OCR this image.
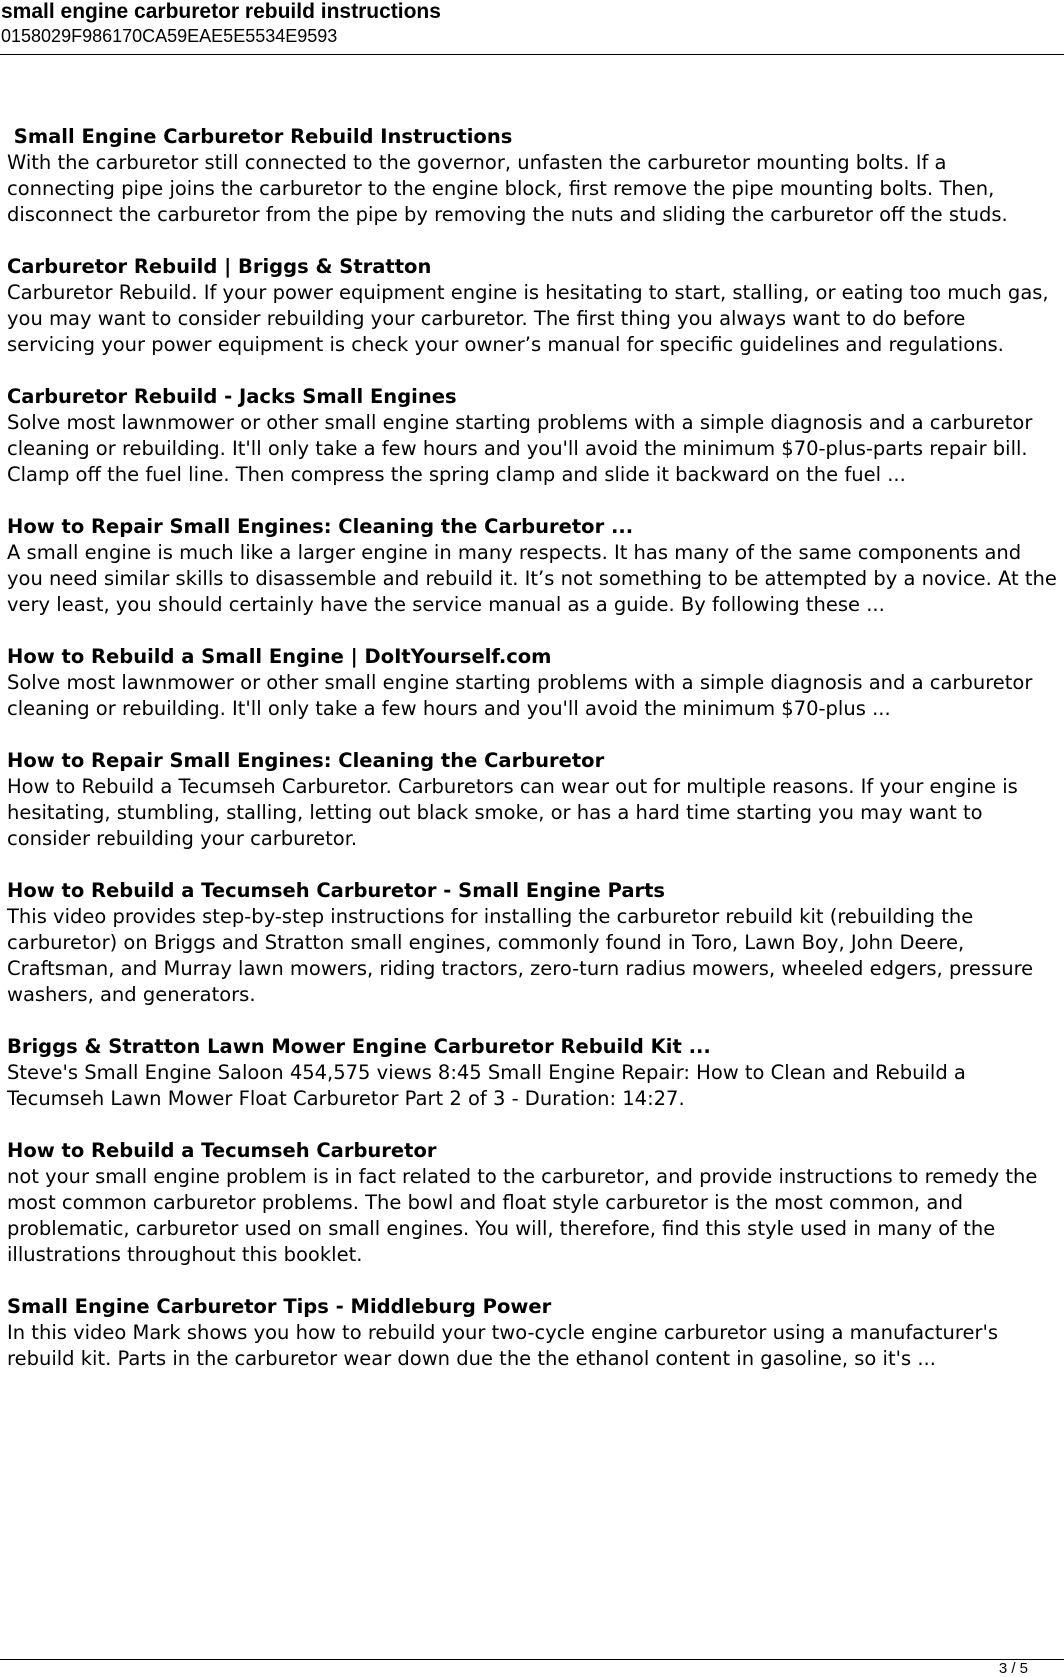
small engine carburetor rebuild instructions
0158029F986170CA59EAE5E5534E9593
Small Engine Carburetor Rebuild Instructions

With the carburetor still connected to the governor, unfasten the carburetor mounting bolts. If a connecting pipe joins the carburetor to the engine block, first remove the pipe mounting bolts. Then, disconnect the carburetor from the pipe by removing the nuts and sliding the carburetor off the studs.

Carburetor Rebuild | Briggs & Stratton

Carburetor Rebuild. If your power equipment engine is hesitating to start, stalling, or eating too much gas, you may want to consider rebuilding your carburetor. The first thing you always want to do before servicing your power equipment is check your owner’s manual for specific guidelines and regulations.

Carburetor Rebuild - Jacks Small Engines

Solve most lawnmower or other small engine starting problems with a simple diagnosis and a carburetor cleaning or rebuilding. It'll only take a few hours and you'll avoid the minimum $70-plus-parts repair bill. Clamp off the fuel line. Then compress the spring clamp and slide it backward on the fuel ...

How to Repair Small Engines: Cleaning the Carburetor ...

A small engine is much like a larger engine in many respects. It has many of the same components and you need similar skills to disassemble and rebuild it. It’s not something to be attempted by a novice. At the very least, you should certainly have the service manual as a guide. By following these ...

How to Rebuild a Small Engine | DoItYourself.com

Solve most lawnmower or other small engine starting problems with a simple diagnosis and a carburetor cleaning or rebuilding. It'll only take a few hours and you'll avoid the minimum $70-plus ...

How to Repair Small Engines: Cleaning the Carburetor

How to Rebuild a Tecumseh Carburetor. Carburetors can wear out for multiple reasons. If your engine is hesitating, stumbling, stalling, letting out black smoke, or has a hard time starting you may want to consider rebuilding your carburetor.

How to Rebuild a Tecumseh Carburetor - Small Engine Parts

This video provides step-by-step instructions for installing the carburetor rebuild kit (rebuilding the carburetor) on Briggs and Stratton small engines, commonly found in Toro, Lawn Boy, John Deere, Craftsman, and Murray lawn mowers, riding tractors, zero-turn radius mowers, wheeled edgers, pressure washers, and generators.

Briggs & Stratton Lawn Mower Engine Carburetor Rebuild Kit ...

Steve's Small Engine Saloon 454,575 views 8:45 Small Engine Repair: How to Clean and Rebuild a Tecumseh Lawn Mower Float Carburetor Part 2 of 3 - Duration: 14:27.

How to Rebuild a Tecumseh Carburetor

not your small engine problem is in fact related to the carburetor, and provide instructions to remedy the most common carburetor problems. The bowl and float style carburetor is the most common, and problematic, carburetor used on small engines. You will, therefore, find this style used in many of the illustrations throughout this booklet.

Small Engine Carburetor Tips - Middleburg Power

In this video Mark shows you how to rebuild your two-cycle engine carburetor using a manufacturer's rebuild kit. Parts in the carburetor wear down due the the ethanol content in gasoline, so it's ...

3 / 5
